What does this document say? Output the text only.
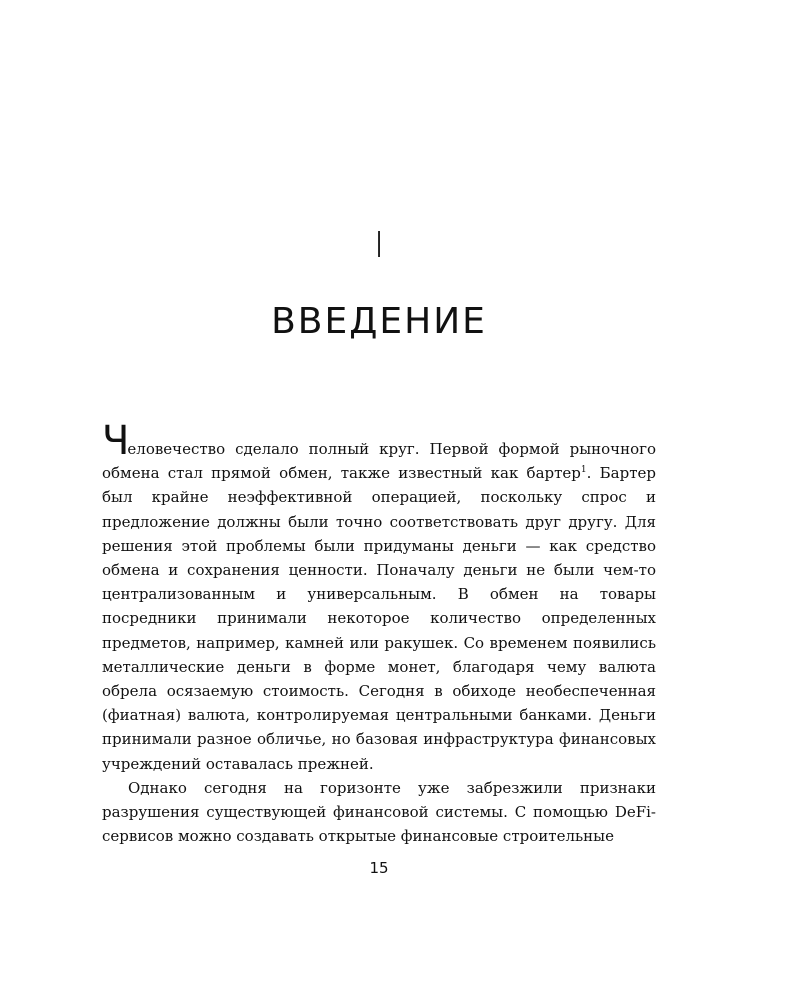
I
ВВЕДЕНИЕ

Человечество сделало полный круг. Первой формой рыночного обмена стал прямой обмен, также известный как бартер$^1$. Бартер был крайне неэффективной операцией, поскольку спрос и предложение должны были точно соответствовать друг другу. Для решения этой проблемы были придуманы деньги — как средство обмена и сохранения ценности. Поначалу деньги не были чем-то централизованным и универсальным. В обмен на товары посредники принимали некоторое количество определенных предметов, например, камней или ракушек. Со временем появились металлические деньги в форме монет, благодаря чему валюта обрела осязаемую стоимость. Сегодня в обиходе необеспеченная (фиатная) валюта, контролируемая центральными банками. Деньги принимали разное обличье, но базовая инфраструктура финансовых учреждений оставалась прежней.

Однако сегодня на горизонте уже забрезжили признаки разрушения существующей финансовой системы. С помощью DeFi-сервисов можно создавать открытые финансовые строительные

15
